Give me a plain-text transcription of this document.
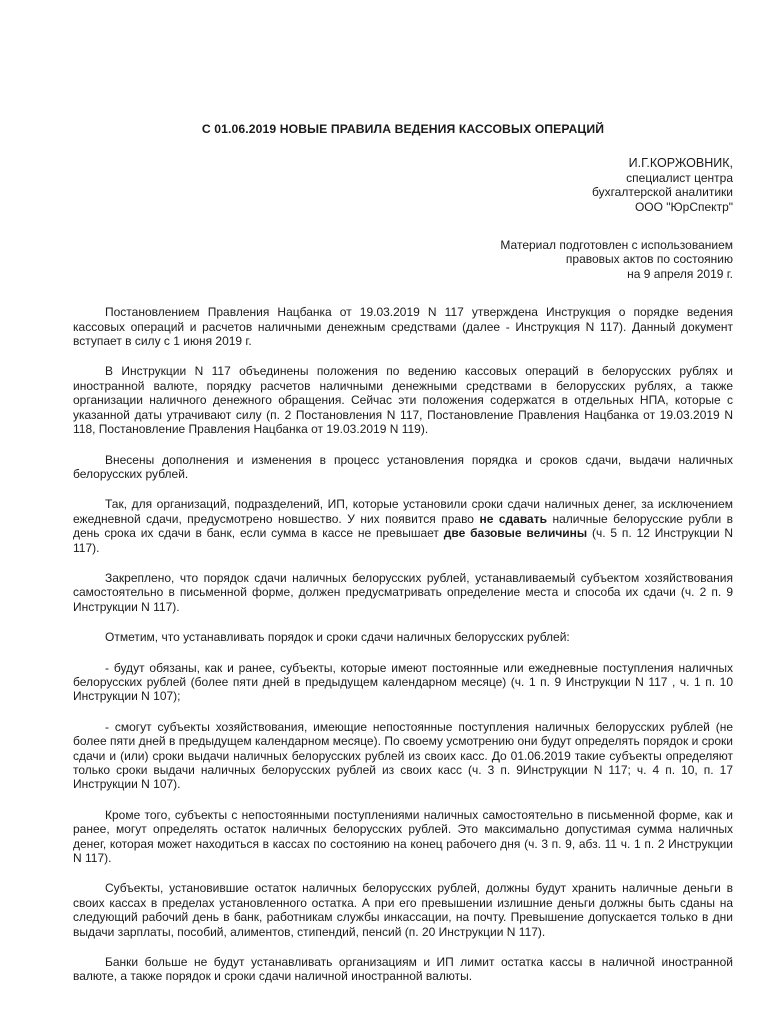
С 01.06.2019 НОВЫЕ ПРАВИЛА ВЕДЕНИЯ КАССОВЫХ ОПЕРАЦИЙ
И.Г.КОРЖОВНИК,
специалист центра
бухгалтерской аналитики
ООО "ЮрСпектр"
Материал подготовлен с использованием
правовых актов по состоянию
на 9 апреля 2019 г.

Постановлением Правления Нацбанка от 19.03.2019 N 117 утверждена Инструкция о порядке ведения кассовых операций и расчетов наличными денежным средствами (далее - Инструкция N 117). Данный документ вступает в силу с 1 июня 2019 г.

В Инструкции N 117 объединены положения по ведению кассовых операций в белорусских рублях и иностранной валюте, порядку расчетов наличными денежными средствами в белорусских рублях, а также организации наличного денежного обращения. Сейчас эти положения содержатся в отдельных НПА, которые с указанной даты утрачивают силу (п. 2 Постановления N 117, Постановление Правления Нацбанка от 19.03.2019 N 118, Постановление Правления Нацбанка от 19.03.2019 N 119).

Внесены дополнения и изменения в процесс установления порядка и сроков сдачи, выдачи наличных белорусских рублей.

Так, для организаций, подразделений, ИП, которые установили сроки сдачи наличных денег, за исключением ежедневной сдачи, предусмотрено новшество. У них появится право не сдавать наличные белорусские рубли в день срока их сдачи в банк, если сумма в кассе не превышает две базовые величины (ч. 5 п. 12 Инструкции N 117).

Закреплено, что порядок сдачи наличных белорусских рублей, устанавливаемый субъектом хозяйствования самостоятельно в письменной форме, должен предусматривать определение места и способа их сдачи (ч. 2 п. 9 Инструкции N 117).

Отметим, что устанавливать порядок и сроки сдачи наличных белорусских рублей:

- будут обязаны, как и ранее, субъекты, которые имеют постоянные или ежедневные поступления наличных белорусских рублей (более пяти дней в предыдущем календарном месяце) (ч. 1 п. 9 Инструкции N 117 , ч. 1 п. 10 Инструкции N 107);

- смогут субъекты хозяйствования, имеющие непостоянные поступления наличных белорусских рублей (не более пяти дней в предыдущем календарном месяце). По своему усмотрению они будут определять порядок и сроки сдачи и (или) сроки выдачи наличных белорусских рублей из своих касс. До 01.06.2019 такие субъекты определяют только сроки выдачи наличных белорусских рублей из своих касс (ч. 3 п. 9Инструкции N 117; ч. 4 п. 10, п. 17 Инструкции N 107).

Кроме того, субъекты с непостоянными поступлениями наличных самостоятельно в письменной форме, как и ранее, могут определять остаток наличных белорусских рублей. Это максимально допустимая сумма наличных денег, которая может находиться в кассах по состоянию на конец рабочего дня (ч. 3 п. 9, абз. 11 ч. 1 п. 2 Инструкции N 117).

Субъекты, установившие остаток наличных белорусских рублей, должны будут хранить наличные деньги в своих кассах в пределах установленного остатка. А при его превышении излишние деньги должны быть сданы на следующий рабочий день в банк, работникам службы инкассации, на почту. Превышение допускается только в дни выдачи зарплаты, пособий, алиментов, стипендий, пенсий (п. 20 Инструкции N 117).

Банки больше не будут устанавливать организациям и ИП лимит остатка кассы в наличной иностранной валюте, а также порядок и сроки сдачи наличной иностранной валюты.
